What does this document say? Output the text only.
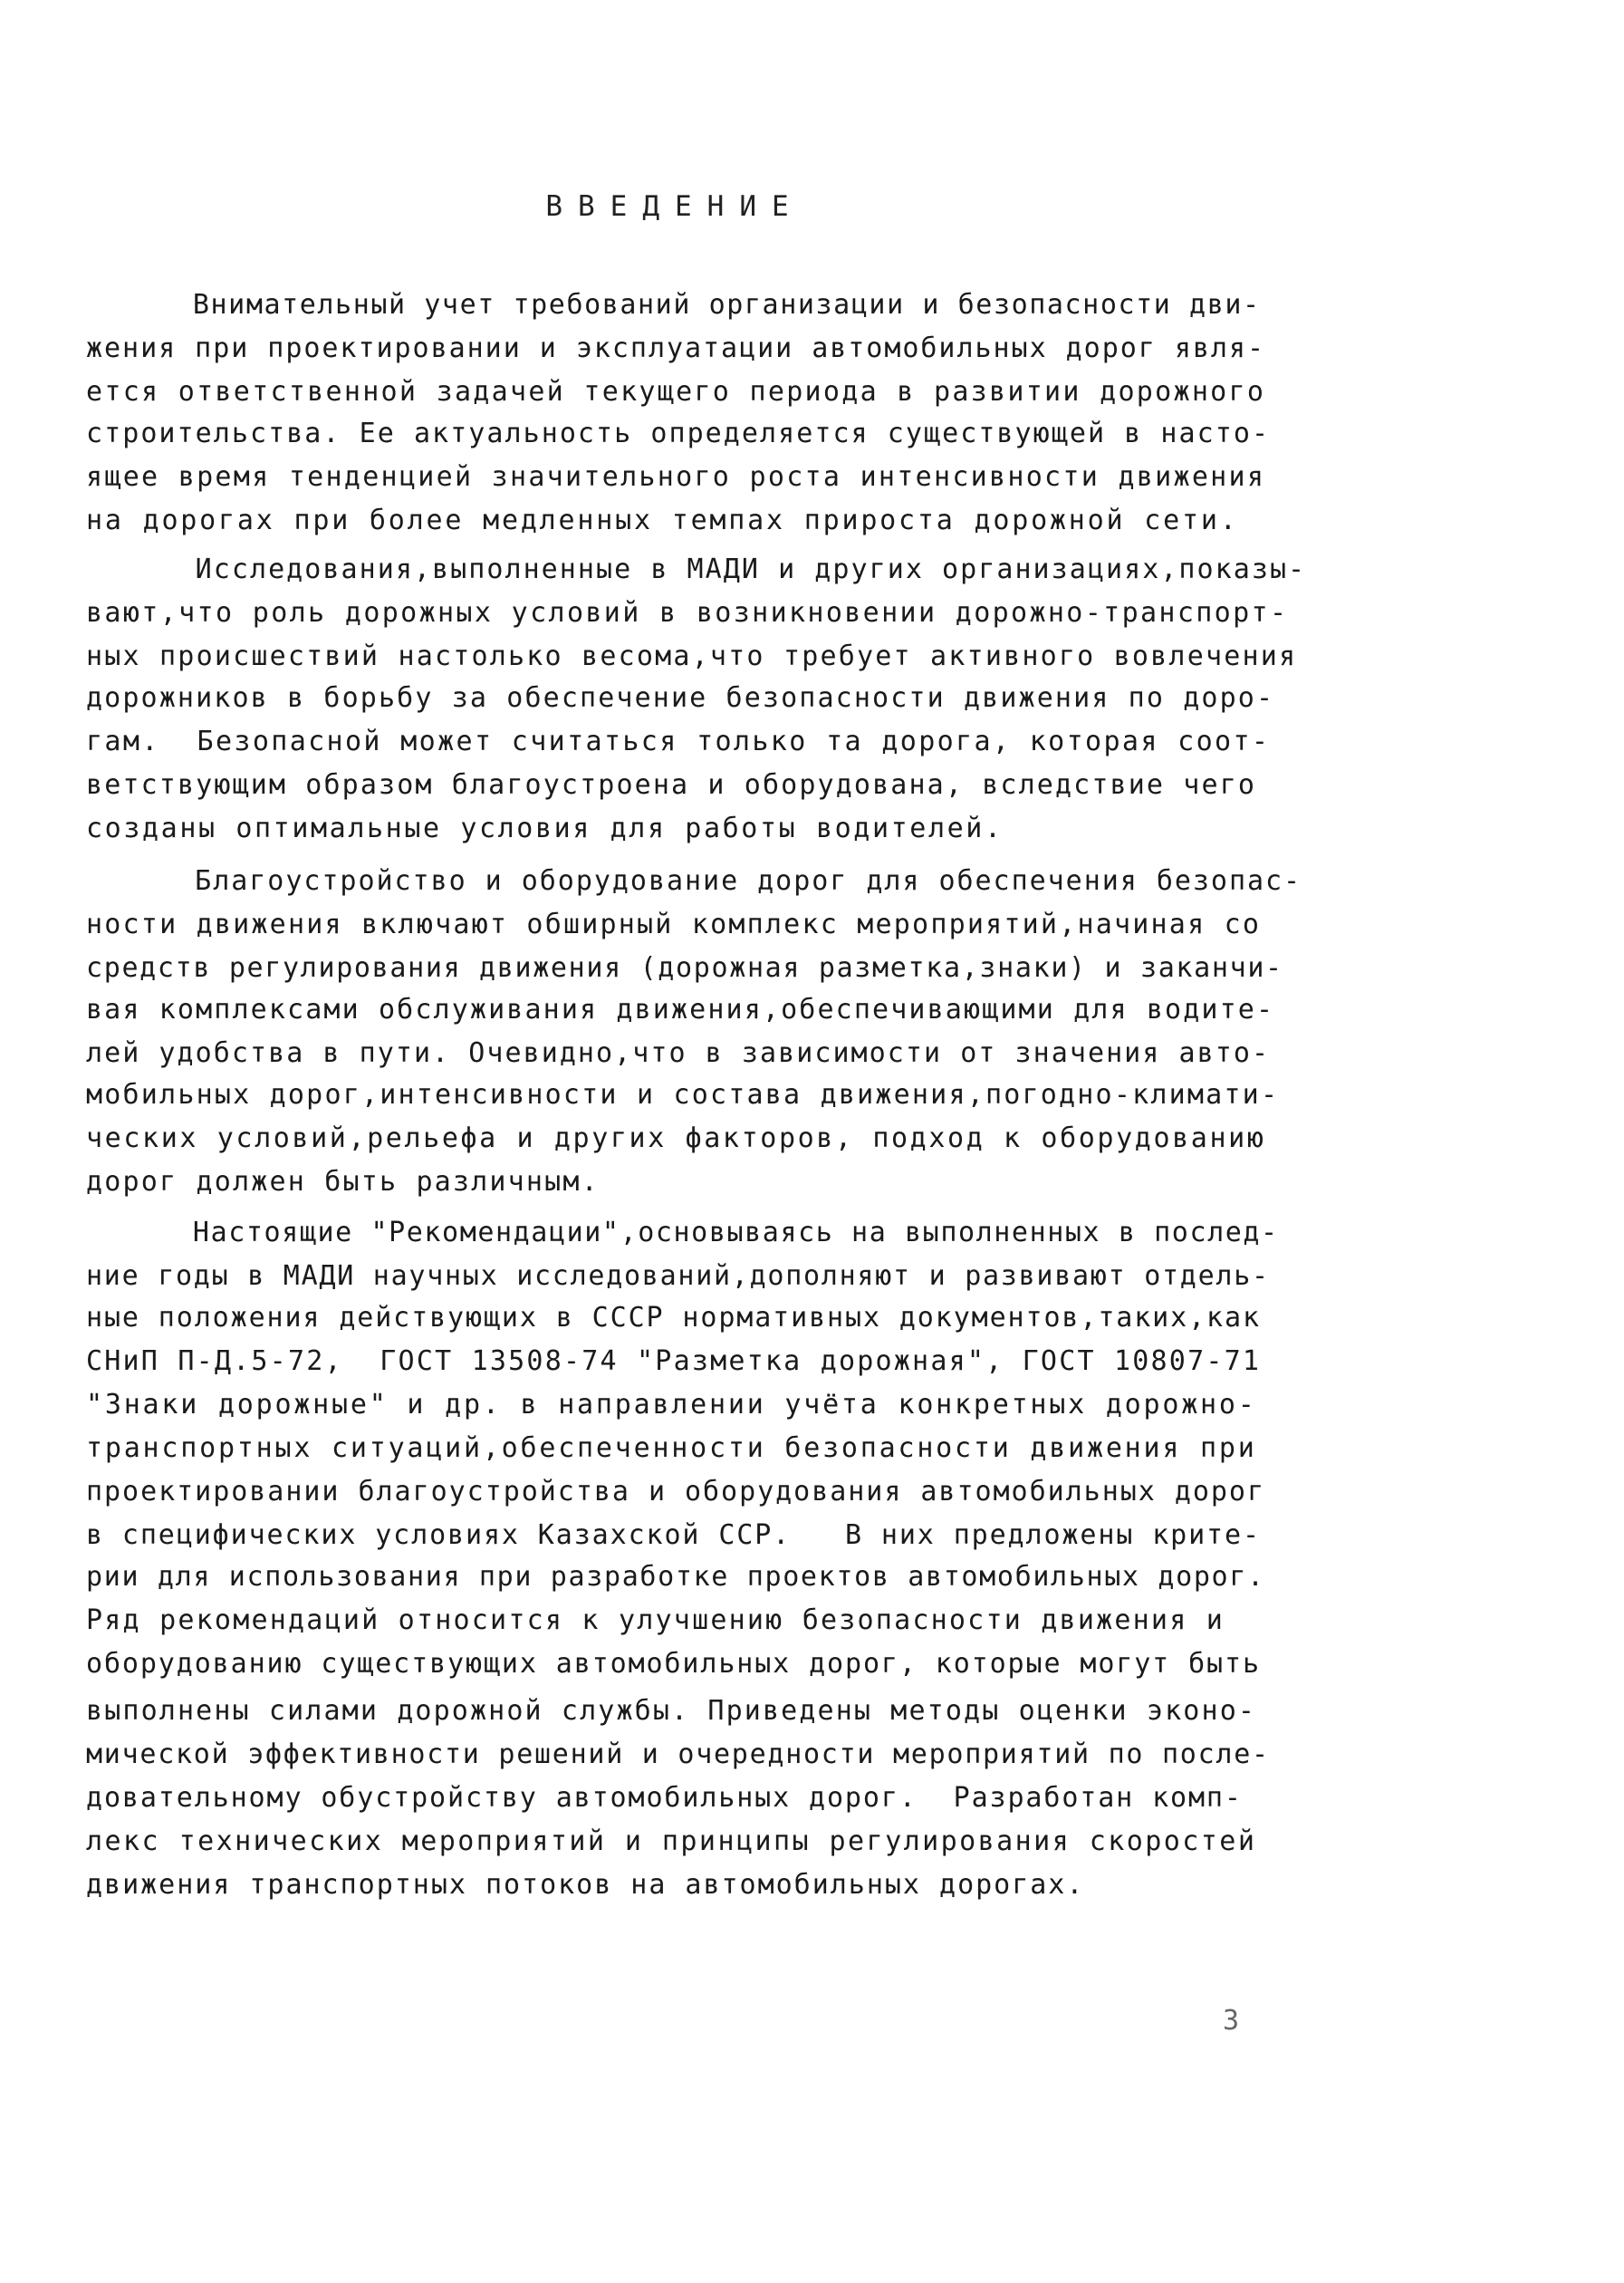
ВВЕДЕНИЕ
Внимательный учет требований организации и безопасности дви-
жения при проектировании и эксплуатации автомобильных дорог явля-
ется ответственной задачей текущего периода в развитии дорожного
строительства. Ее актуальность определяется существующей в насто-
ящее время тенденцией значительного роста интенсивности движения
на дорогах при более медленных темпах прироста дорожной сети.
Исследования,выполненные в МАДИ и других организациях,показы-
вают,что роль дорожных условий в возникновении дорожно-транспорт-
ных происшествий настолько весома,что требует активного вовлечения
дорожников в борьбу за обеспечение безопасности движения по доро-
гам.  Безопасной может считаться только та дорога, которая соот-
ветствующим образом благоустроена и оборудована, вследствие чего
созданы оптимальные условия для работы водителей.
Благоустройство и оборудование дорог для обеспечения безопас-
ности движения включают обширный комплекс мероприятий,начиная со
средств регулирования движения (дорожная разметка,знаки) и заканчи-
вая комплексами обслуживания движения,обеспечивающими для водите-
лей удобства в пути. Очевидно,что в зависимости от значения авто-
мобильных дорог,интенсивности и состава движения,погодно-климати-
ческих условий,рельефа и других факторов, подход к оборудованию
дорог должен быть различным.
Настоящие "Рекомендации",основываясь на выполненных в послед-
ние годы в МАДИ научных исследований,дополняют и развивают отдель-
ные положения действующих в СССР нормативных документов,таких,как
СНиП П-Д.5-72,  ГОСТ 13508-74 "Разметка дорожная", ГОСТ 10807-71
"Знаки дорожные" и др. в направлении учёта конкретных дорожно-
транспортных ситуаций,обеспеченности безопасности движения при
проектировании благоустройства и оборудования автомобильных дорог
в специфических условиях Казахской ССР.   В них предложены крите-
рии для использования при разработке проектов автомобильных дорог.
Ряд рекомендаций относится к улучшению безопасности движения и
оборудованию существующих автомобильных дорог, которые могут быть
выполнены силами дорожной службы. Приведены методы оценки эконо-
мической эффективности решений и очередности мероприятий по после-
довательному обустройству автомобильных дорог.  Разработан комп-
лекс технических мероприятий и принципы регулирования скоростей
движения транспортных потоков на автомобильных дорогах.
3
